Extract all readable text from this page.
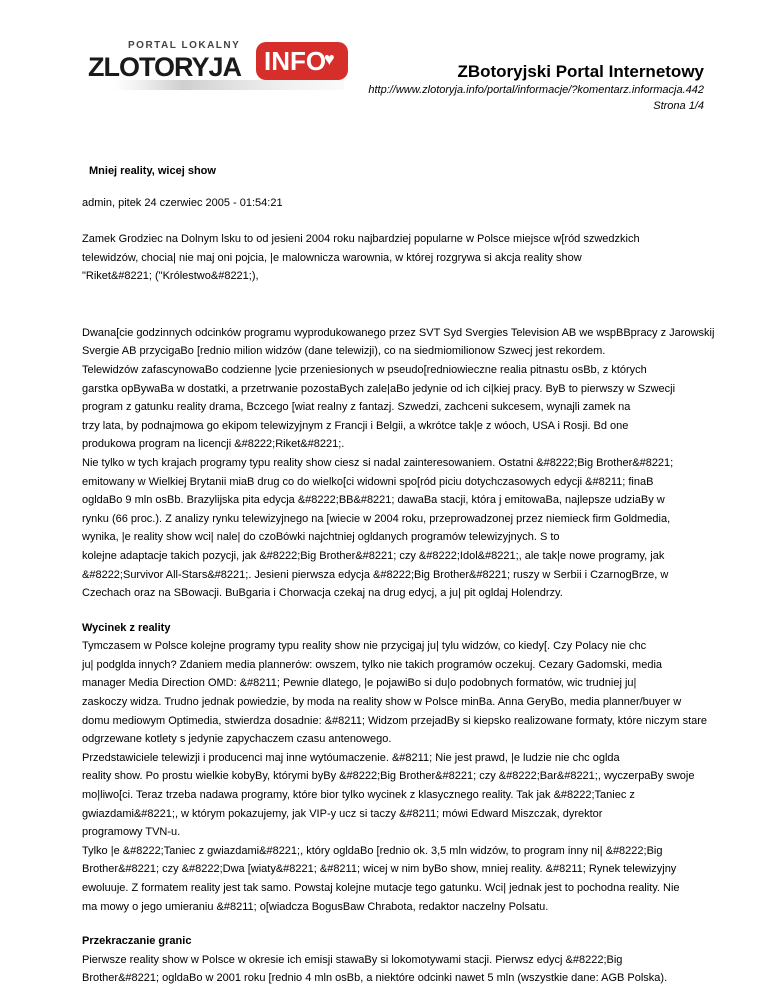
PORTAL LOKALNY
ZLOTORYJA INFO
♥
ZBotoryjski Portal Internetowy
http://www.zlotoryja.info/portal/informacje/?komentarz.informacja.442
Strona 1/4
Mniej reality, wicej show
admin, pitek 24 czerwiec 2005 - 01:54:21

Zamek Grodziec na Dolnym lsku to od jesieni 2004 roku najbardziej popularne w Polsce miejsce w[ród szwedzkich

telewidzów, chocia| nie maj oni pojcia, |e malownicza warownia, w której rozgrywa si akcja reality show

"Riket&#8221; ("Królestwo&#8221;),

Dwana[cie godzinnych odcinków programu wyprodukowanego przez SVT Syd Svergies Television AB we wspBBpracy z Jarowskij

Svergie AB przycigaBo [rednio milion widzów (dane telewizji), co na siedmiomilionow Szwecj jest rekordem.

Telewidzów zafascynowaBo codzienne |ycie przeniesionych w pseudo[redniowieczne realia pitnastu osBb, z których

garstka opBywaBa w dostatki, a przetrwanie pozostaBych zale|aBo jedynie od ich ci|kiej pracy. ByB to pierwszy w Szwecji

program z gatunku reality drama, Bczcego [wiat realny z fantazj. Szwedzi, zachceni sukcesem, wynajli zamek na

trzy lata, by podnajmowa go ekipom telewizyjnym z Francji i Belgii, a wkrótce tak|e z wóoch, USA i Rosji. Bd one

produkowa program na licencji &#8222;Riket&#8221;.

Nie tylko w tych krajach programy typu reality show ciesz si nadal zainteresowaniem. Ostatni &#8222;Big Brother&#8221;

emitowany w Wielkiej Brytanii miaB drug co do wielko[ci widowni spo[ród piciu dotychczasowych edycji &#8211; finaB

ogldaBo 9 mln osBb. Brazylijska pita edycja &#8222;BB&#8221; dawaBa stacji, która j emitowaBa, najlepsze udziaBy w

rynku (66 proc.). Z analizy rynku telewizyjnego na [wiecie w 2004 roku, przeprowadzonej przez niemieck firm Goldmedia,

wynika, |e reality show wci| nale| do czoBówki najchtniej ogldanych programów telewizyjnych. S to

kolejne adaptacje takich pozycji, jak &#8222;Big Brother&#8221; czy &#8222;Idol&#8221;, ale tak|e nowe programy, jak

&#8222;Survivor All-Stars&#8221;. Jesieni pierwsza edycja &#8222;Big Brother&#8221; ruszy w Serbii i CzarnogBrze, w

Czechach oraz na SBowacji. BuBgaria i Chorwacja czekaj na drug edycj, a ju| pit ogldaj Holendrzy.

Wycinek z reality

Tymczasem w Polsce kolejne programy typu reality show nie przycigaj ju| tylu widzów, co kiedy[. Czy Polacy nie chc

ju| podgldа innych? Zdaniem media plannerów: owszem, tylko nie takich programów oczekuj. Cezary Gadomski, media

manager Media Direction OMD: &#8211; Pewnie dlatego, |e pojawiBo si du|o podobnych formatów, wic trudniej ju|

zaskoczy widza. Trudno jednak powiedzie, by moda na reality show w Polsce minBa. Anna GeryBo, media planner/buyer w

domu mediowym Optimedia, stwierdza dosadnie: &#8211; Widzom przejadBy si kiepsko realizowane formaty, które niczym stare

odgrzewane kotlety s jedynie zapychaczem czasu antenowego.

Przedstawiciele telewizji i producenci maj inne wytóumaczenie. &#8211; Nie jest prawd, |e ludzie nie chc oglda

reality show. Po prostu wielkie kobyBy, którymi byBy &#8222;Big Brother&#8221; czy &#8222;Bar&#8221;, wyczerpaBy swoje

mo|liwo[ci. Teraz trzeba nadawa programy, które bior tylko wycinek z klasycznego reality. Tak jak &#8222;Taniec z

gwiazdami&#8221;, w którym pokazujemy, jak VIP-y ucz si taczy &#8211; mówi Edward Miszczak, dyrektor

programowy TVN-u.

Tylko |e &#8222;Taniec z gwiazdami&#8221;, który ogldaBo [rednio ok. 3,5 mln widzów, to program inny ni| &#8222;Big

Brother&#8221; czy &#8222;Dwa [wiaty&#8221; &#8211; wicej w nim byBo show, mniej reality. &#8211; Rynek telewizyjny

ewoluuje. Z formatem reality jest tak samo. Powstaj kolejne mutacje tego gatunku. Wci| jednak jest to pochodna reality. Nie

ma mowy o jego umieraniu &#8211; o[wiadcza BogusBaw Chrabota, redaktor naczelny Polsatu.

Przekraczanie granic

Pierwsze reality show w Polsce w okresie ich emisji stawaBy si lokomotywami stacji. Pierwsz edycj &#8222;Big

Brother&#8221; ogldaBo w 2001 roku [rednio 4 mln osBb, a niektóre odcinki nawet 5 mln (wszystkie dane: AGB Polska).
